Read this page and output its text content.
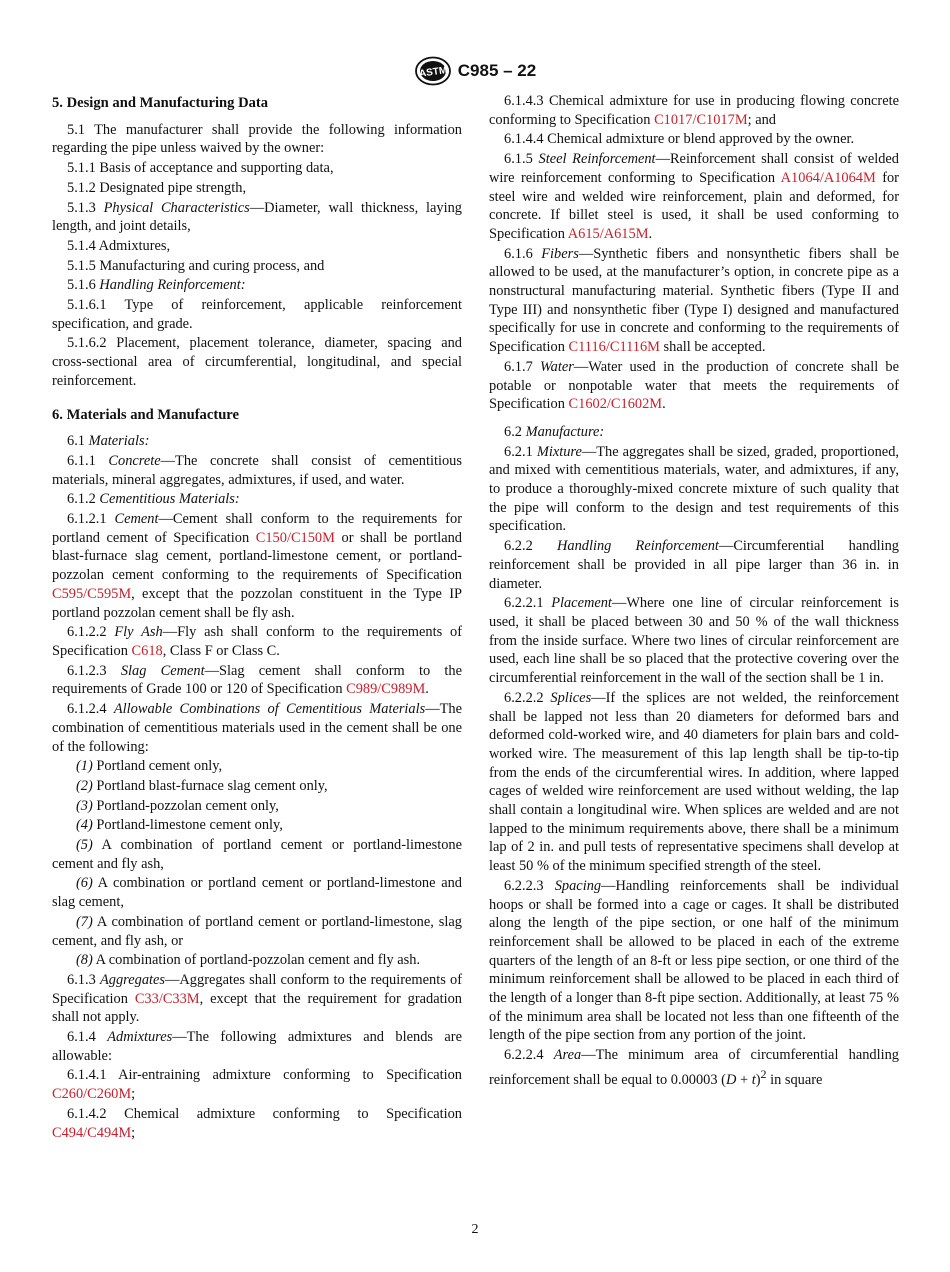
ASTM C985 – 22

5. Design and Manufacturing Data

5.1 The manufacturer shall provide the following information regarding the pipe unless waived by the owner:

5.1.1 Basis of acceptance and supporting data,

5.1.2 Designated pipe strength,

5.1.3 Physical Characteristics—Diameter, wall thickness, laying length, and joint details,

5.1.4 Admixtures,

5.1.5 Manufacturing and curing process, and

5.1.6 Handling Reinforcement:

5.1.6.1 Type of reinforcement, applicable reinforcement specification, and grade.

5.1.6.2 Placement, placement tolerance, diameter, spacing and cross-sectional area of circumferential, longitudinal, and special reinforcement.

6. Materials and Manufacture

6.1 Materials:

6.1.1 Concrete—The concrete shall consist of cementitious materials, mineral aggregates, admixtures, if used, and water.

6.1.2 Cementitious Materials:

6.1.2.1 Cement—Cement shall conform to the requirements for portland cement of Specification C150/C150M or shall be portland blast-furnace slag cement, portland-limestone cement, or portland-pozzolan cement conforming to the requirements of Specification C595/C595M, except that the pozzolan constituent in the Type IP portland pozzolan cement shall be fly ash.

6.1.2.2 Fly Ash—Fly ash shall conform to the requirements of Specification C618, Class F or Class C.

6.1.2.3 Slag Cement—Slag cement shall conform to the requirements of Grade 100 or 120 of Specification C989/C989M.

6.1.2.4 Allowable Combinations of Cementitious Materials—The combination of cementitious materials used in the cement shall be one of the following:

(1) Portland cement only,

(2) Portland blast-furnace slag cement only,

(3) Portland-pozzolan cement only,

(4) Portland-limestone cement only,

(5) A combination of portland cement or portland-limestone cement and fly ash,

(6) A combination or portland cement or portland-limestone and slag cement,

(7) A combination of portland cement or portland-limestone, slag cement, and fly ash, or

(8) A combination of portland-pozzolan cement and fly ash.

6.1.3 Aggregates—Aggregates shall conform to the requirements of Specification C33/C33M, except that the requirement for gradation shall not apply.

6.1.4 Admixtures—The following admixtures and blends are allowable:

6.1.4.1 Air-entraining admixture conforming to Specification C260/C260M;

6.1.4.2 Chemical admixture conforming to Specification C494/C494M;

6.1.4.3 Chemical admixture for use in producing flowing concrete conforming to Specification C1017/C1017M; and

6.1.4.4 Chemical admixture or blend approved by the owner.

6.1.5 Steel Reinforcement—Reinforcement shall consist of welded wire reinforcement conforming to Specification A1064/A1064M for steel wire and welded wire reinforcement, plain and deformed, for concrete. If billet steel is used, it shall be used conforming to Specification A615/A615M.

6.1.6 Fibers—Synthetic fibers and nonsynthetic fibers shall be allowed to be used, at the manufacturer’s option, in concrete pipe as a nonstructural manufacturing material. Synthetic fibers (Type II and Type III) and nonsynthetic fiber (Type I) designed and manufactured specifically for use in concrete and conforming to the requirements of Specification C1116/C1116M shall be accepted.

6.1.7 Water—Water used in the production of concrete shall be potable or nonpotable water that meets the requirements of Specification C1602/C1602M.

6.2 Manufacture:

6.2.1 Mixture—The aggregates shall be sized, graded, proportioned, and mixed with cementitious materials, water, and admixtures, if any, to produce a thoroughly-mixed concrete mixture of such quality that the pipe will conform to the design and test requirements of this specification.

6.2.2 Handling Reinforcement—Circumferential handling reinforcement shall be provided in all pipe larger than 36 in. in diameter.

6.2.2.1 Placement—Where one line of circular reinforcement is used, it shall be placed between 30 and 50 % of the wall thickness from the inside surface. Where two lines of circular reinforcement are used, each line shall be so placed that the protective covering over the circumferential reinforcement in the wall of the section shall be 1 in.

6.2.2.2 Splices—If the splices are not welded, the reinforcement shall be lapped not less than 20 diameters for deformed bars and deformed cold-worked wire, and 40 diameters for plain bars and cold-worked wire. The measurement of this lap length shall be tip-to-tip from the ends of the circumferential wires. In addition, where lapped cages of welded wire reinforcement are used without welding, the lap shall contain a longitudinal wire. When splices are welded and are not lapped to the minimum requirements above, there shall be a minimum lap of 2 in. and pull tests of representative specimens shall develop at least 50 % of the minimum specified strength of the steel.

6.2.2.3 Spacing—Handling reinforcements shall be individual hoops or shall be formed into a cage or cages. It shall be distributed along the length of the pipe section, or one half of the minimum reinforcement shall be allowed to be placed in each of the extreme quarters of the length of an 8-ft or less pipe section, or one third of the minimum reinforcement shall be allowed to be placed in each third of the length of a longer than 8-ft pipe section. Additionally, at least 75 % of the minimum area shall be located not less than one fifteenth of the length of the pipe section from any portion of the joint.

6.2.2.4 Area—The minimum area of circumferential handling reinforcement shall be equal to 0.00003 $(D + t)^2$ in square

2
